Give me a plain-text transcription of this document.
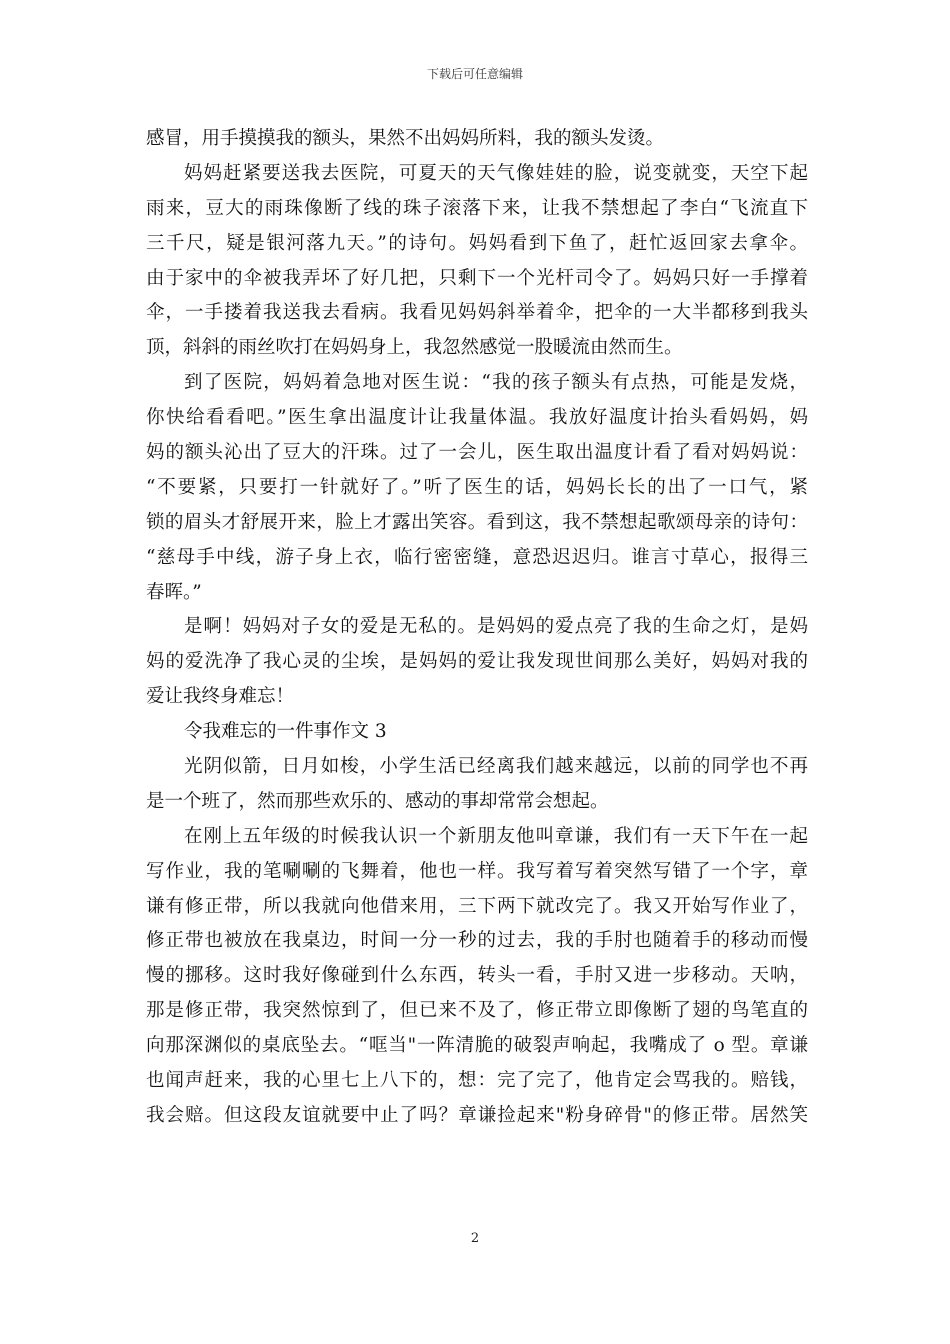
下载后可任意编辑
感冒，用手摸摸我的额头，果然不出妈妈所料，我的额头发烫。
妈妈赶紧要送我去医院，可夏天的天气像娃娃的脸，说变就变，天空下起
雨来，豆大的雨珠像断了线的珠子滚落下来，让我不禁想起了李白“飞流直下
三千尺，疑是银河落九天。”的诗句。妈妈看到下鱼了，赶忙返回家去拿伞。
由于家中的伞被我弄坏了好几把，只剩下一个光杆司令了。妈妈只好一手撑着
伞，一手搂着我送我去看病。我看见妈妈斜举着伞，把伞的一大半都移到我头
顶，斜斜的雨丝吹打在妈妈身上，我忽然感觉一股暖流由然而生。
到了医院，妈妈着急地对医生说：“我的孩子额头有点热，可能是发烧，
你快给看看吧。”医生拿出温度计让我量体温。我放好温度计抬头看妈妈，妈
妈的额头沁出了豆大的汗珠。过了一会儿，医生取出温度计看了看对妈妈说：
“不要紧，只要打一针就好了。”听了医生的话，妈妈长长的出了一口气，紧
锁的眉头才舒展开来，脸上才露出笑容。看到这，我不禁想起歌颂母亲的诗句：
“慈母手中线，游子身上衣，临行密密缝，意恐迟迟归。谁言寸草心，报得三
春晖。”
是啊！妈妈对子女的爱是无私的。是妈妈的爱点亮了我的生命之灯，是妈
妈的爱洗净了我心灵的尘埃，是妈妈的爱让我发现世间那么美好，妈妈对我的
爱让我终身难忘！
令我难忘的一件事作文 3
光阴似箭，日月如梭，小学生活已经离我们越来越远，以前的同学也不再
是一个班了，然而那些欢乐的、感动的事却常常会想起。
在刚上五年级的时候我认识一个新朋友他叫章谦，我们有一天下午在一起
写作业，我的笔唰唰的飞舞着，他也一样。我写着写着突然写错了一个字，章
谦有修正带，所以我就向他借来用，三下两下就改完了。我又开始写作业了，
修正带也被放在我桌边，时间一分一秒的过去，我的手肘也随着手的移动而慢
慢的挪移。这时我好像碰到什么东西，转头一看，手肘又进一步移动。天呐，
那是修正带，我突然惊到了，但已来不及了，修正带立即像断了翅的鸟笔直的
向那深渊似的桌底坠去。“哐当"一阵清脆的破裂声响起，我嘴成了 o 型。章谦
也闻声赶来，我的心里七上八下的，想：完了完了，他肯定会骂我的。赔钱，
我会赔。但这段友谊就要中止了吗？章谦捡起来"粉身碎骨"的修正带。居然笑
2
